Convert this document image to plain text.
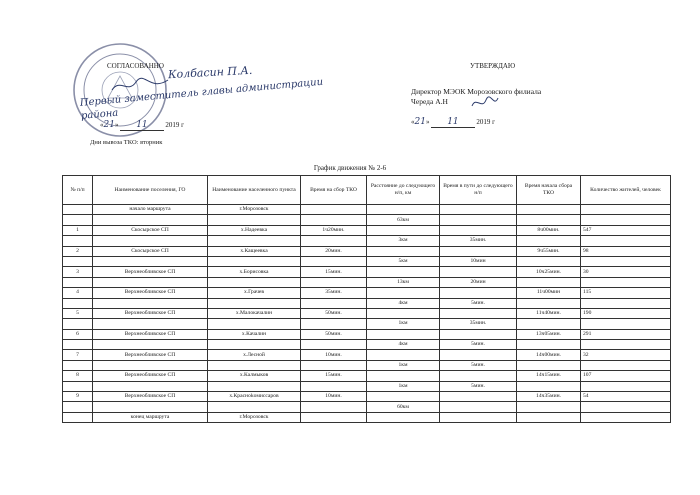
СОГЛАСОВАННО Колбасин П.А.
Первый заместитель главы администрации района
«21» 11	2019 г
УТВЕРЖДАЮ
Директор МЭОК Морозовского филиала
Череда А.Н
«21» 11	2019 г
Дни вывоза ТКО: вторник
График движения № 2-6
№ п/п	Наименование поселения, ГО	Наименование населенного пункта	Время на сбор ТКО	Расстояние до следующего н/п, км	Время в пути до следующего н/п	Время начала сбора ТКО	Количество жителей, человек
	начало маршрута	г.Морозовск					
				63км			
1	Скосырское СП	х.Надеевка	1ч20мин.			8ч00мин.	547
				3км	35мин.		
2	Скосырское СП	х.Кащеевка	20мин.			9ч55мин.	98
				5км	10мин		
3	Верхнеобливское СП	х.Борисовка	15мин.			10ч25мин.	30
				13км	20мин		
4	Верхнеобливское СП	х.Грачев	35мин.			11ч00мин	115
				4км	5мин.		
5	Верхнеобливское СП	х.Малокачалин	50мин.			11ч40мин.	190
				1км	35мин.		
6	Верхнеобливское СП	х.Качалин	50мин.			13ч05мин.	291
				4км	5мин.		
7	Верхнеобливское СП	х.Лесной	10мин.			14ч00мин.	32
				1км	5мин.		
8	Верхнеобливское СП	х.Калмыков	15мин.			14ч15мин.	107
				1км	5мин.		
9	Верхнеобливское СП	х.Красноkомиссаров	10мин.			14ч35мин.	54
				60км			
	конец маршрута	г.Морозовск					
